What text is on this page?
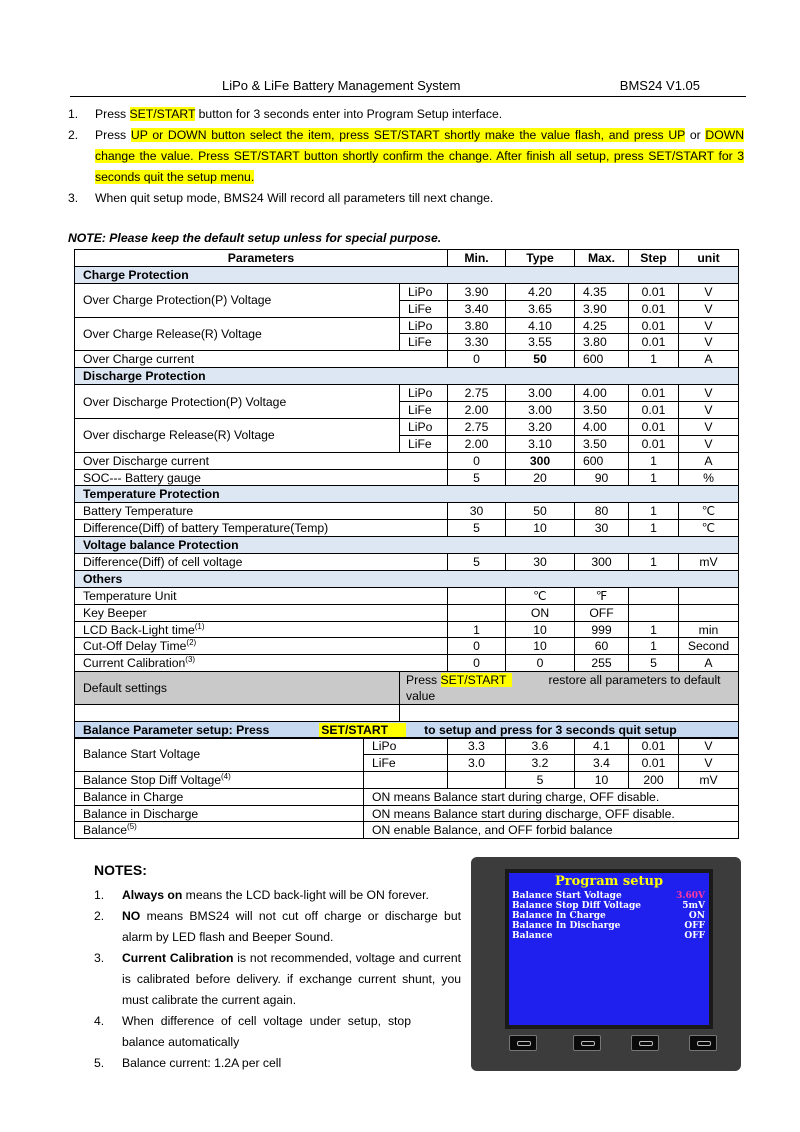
LiPo & LiFe Battery Management System	BMS24 V1.05
1.	Press SET/START button for 3 seconds enter into Program Setup interface.
2.	Press UP or DOWN button select the item, press SET/START shortly make the value flash, and press UP or DOWN change the value. Press SET/START button shortly confirm the change. After finish all setup, press SET/START for 3 seconds quit the setup menu.
3.	When quit setup mode, BMS24 Will record all parameters till next change.
NOTE: Please keep the default setup unless for special purpose.
Parameters		Min.	Type	Max.	Step	unit
Charge Protection						
Over Charge Protection(P) Voltage	LiPo	3.90	4.20	4.35	0.01	V
	LiFe	3.40	3.65	3.90	0.01	V
Over Charge Release(R) Voltage	LiPo	3.80	4.10	4.25	0.01	V
	LiFe	3.30	3.55	3.80	0.01	V
Over Charge current		0	50	600	1	A
Discharge Protection						
Over Discharge Protection(P) Voltage	LiPo	2.75	3.00	4.00	0.01	V
	LiFe	2.00	3.00	3.50	0.01	V
Over discharge Release(R) Voltage	LiPo	2.75	3.20	4.00	0.01	V
	LiFe	2.00	3.10	3.50	0.01	V
Over Discharge current		0	300	600	1	A
SOC--- Battery gauge		5	20	90	1	%
Temperature Protection						
Battery Temperature		30	50	80	1	℃
Difference(Diff) of battery Temperature(Temp)		5	10	30	1	℃
Voltage balance Protection						
Difference(Diff) of cell voltage		5	30	300	1	mV
Others						
Temperature Unit			℃	℉		
Key Beeper			ON	OFF		
LCD Back-Light time$^{(1)}$		1	10	999	1	min
Cut-Off Delay Time$^{(2)}$		0	10	60	1	Second
Current Calibration$^{(3)}$		0	0	255	5	A
Default settings	Press SET/START restore all parameters to default
value					

Balance Parameter setup: Press SET/START to setup and press for 3 seconds quit setup						
Balance Start Voltage	LiPo	3.3	3.6	4.1	0.01	V
	LiFe	3.0	3.2	3.4	0.01	V
Balance Stop Diff Voltage$^{(4)}$			5	10	200	mV
Balance in Charge	ON means Balance start during charge, OFF disable.					
Balance in Discharge	ON means Balance start during discharge, OFF disable.					
Balance$^{(5)}$	ON enable Balance, and OFF forbid balance					
NOTES:
1.	Always on means the LCD back-light will be ON forever.
2.	NO means BMS24 will not cut off charge or discharge but alarm by LED flash and Beeper Sound.
3.	Current Calibration is not recommended, voltage and current is calibrated before delivery. if exchange current shunt, you must calibrate the current again.
4.	When difference of cell voltage under setup, stop balance automatically
5.	Balance current: 1.2A per cell
Program setup
Balance Start Voltage	3.60V
Balance Stop Diff Voltage	5mV
Balance In Charge	ON
Balance In Discharge	OFF
Balance	OFF
